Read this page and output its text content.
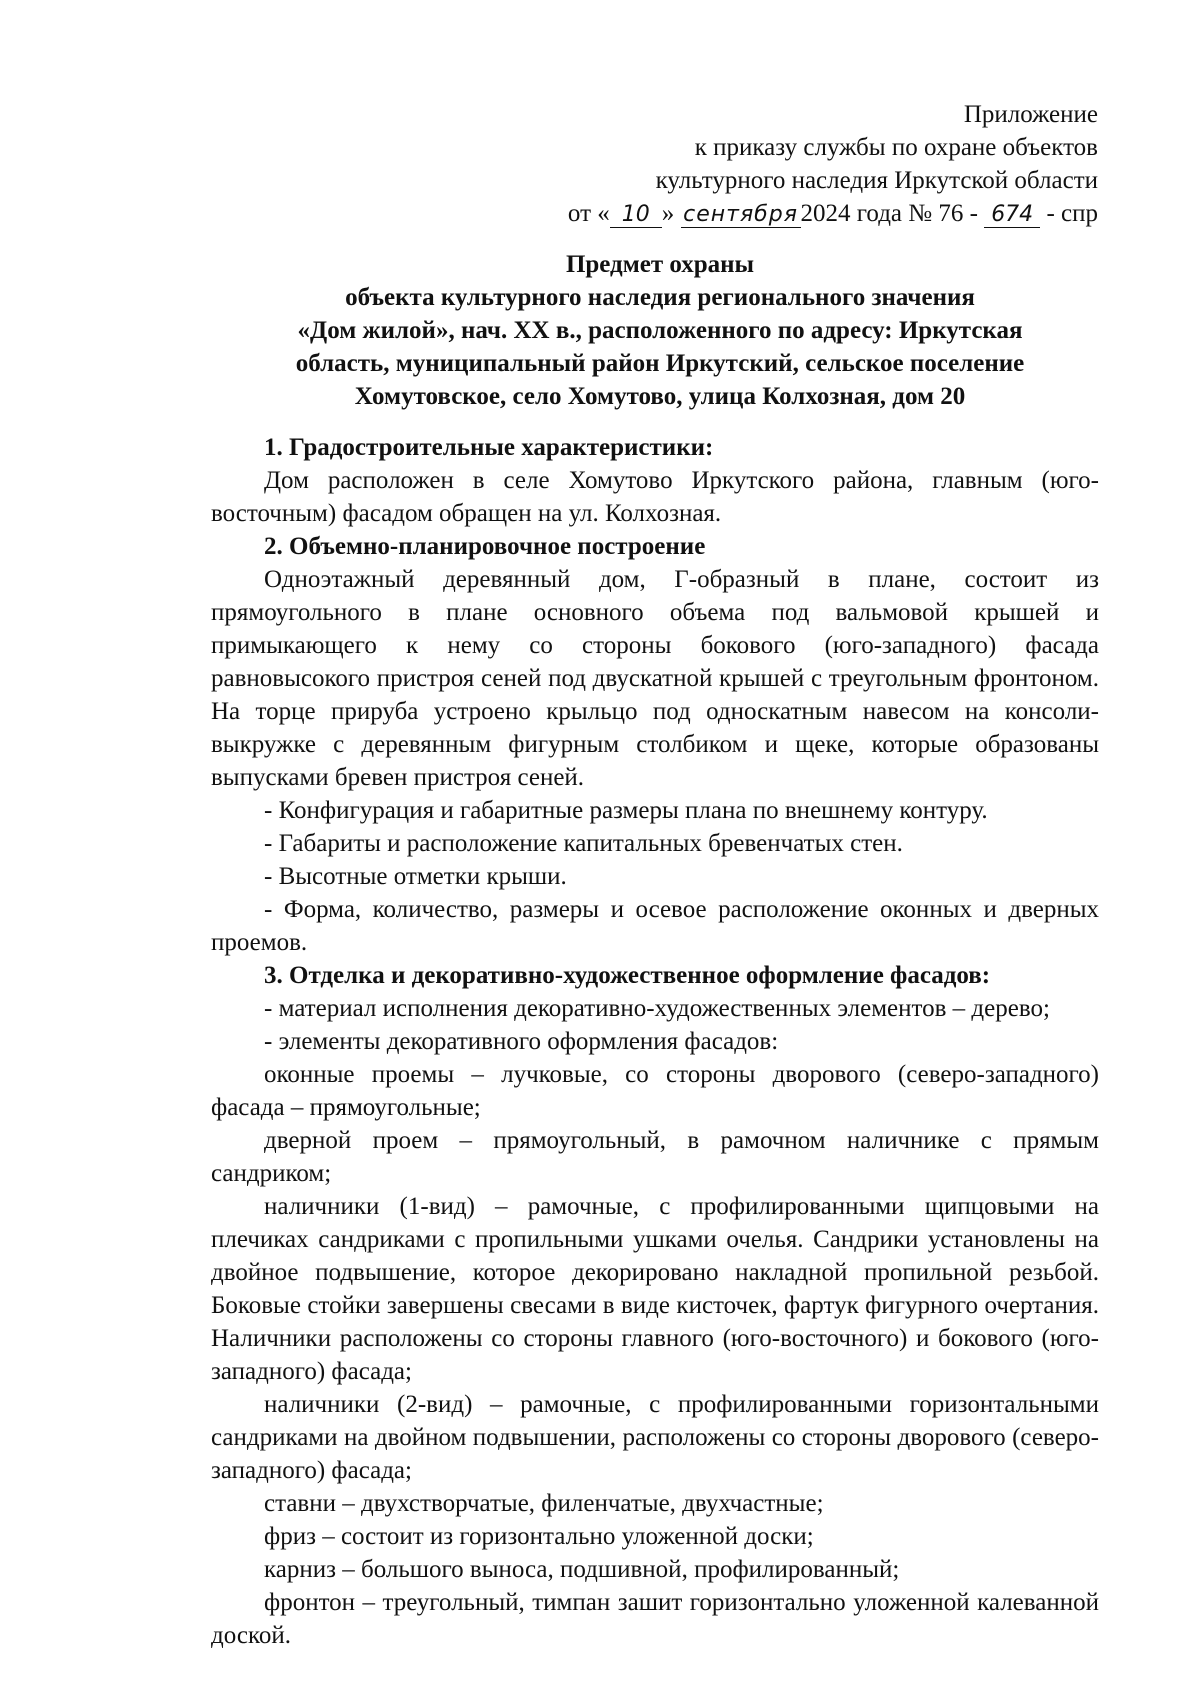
Приложение
к приказу службы по охране объектов
культурного наследия Иркутской области
от « 10 » сентября 2024 года № 76 - 674 - спр
Предмет охраны
объекта культурного наследия регионального значения
«Дом жилой», нач. XX в., расположенного по адресу: Иркутская
область, муниципальный район Иркутский, сельское поселение
Хомутовское, село Хомутово, улица Колхозная, дом 20

1. Градостроительные характеристики:

Дом расположен в селе Хомутово Иркутского района, главным (юго-восточным) фасадом обращен на ул. Колхозная.

2. Объемно-планировочное построение

Одноэтажный деревянный дом, Г-образный в плане, состоит из прямоугольного в плане основного объема под вальмовой крышей и примыкающего к нему со стороны бокового (юго-западного) фасада равновысокого пристроя сеней под двускатной крышей с треугольным фронтоном. На торце прируба устроено крыльцо под односкатным навесом на консоли-выкружке с деревянным фигурным столбиком и щеке, которые образованы выпусками бревен пристроя сеней.

- Конфигурация и габаритные размеры плана по внешнему контуру.

- Габариты и расположение капитальных бревенчатых стен.

- Высотные отметки крыши.

- Форма, количество, размеры и осевое расположение оконных и дверных проемов.

3. Отделка и декоративно-художественное оформление фасадов:

- материал исполнения декоративно-художественных элементов – дерево;

- элементы декоративного оформления фасадов:

оконные проемы – лучковые, со стороны дворового (северо-западного) фасада – прямоугольные;

дверной проем – прямоугольный, в рамочном наличнике с прямым сандриком;

наличники (1-вид) – рамочные, с профилированными щипцовыми на плечиках сандриками с пропильными ушками очелья. Сандрики установлены на двойное подвышение, которое декорировано накладной пропильной резьбой. Боковые стойки завершены свесами в виде кисточек, фартук фигурного очертания. Наличники расположены со стороны главного (юго-восточного) и бокового (юго-западного) фасада;

наличники (2-вид) – рамочные, с профилированными горизонтальными сандриками на двойном подвышении, расположены со стороны дворового (северо-западного) фасада;

ставни – двухстворчатые, филенчатые, двухчастные;

фриз – состоит из горизонтально уложенной доски;

карниз – большого выноса, подшивной, профилированный;

фронтон – треугольный, тимпан зашит горизонтально уложенной калеванной доской.
